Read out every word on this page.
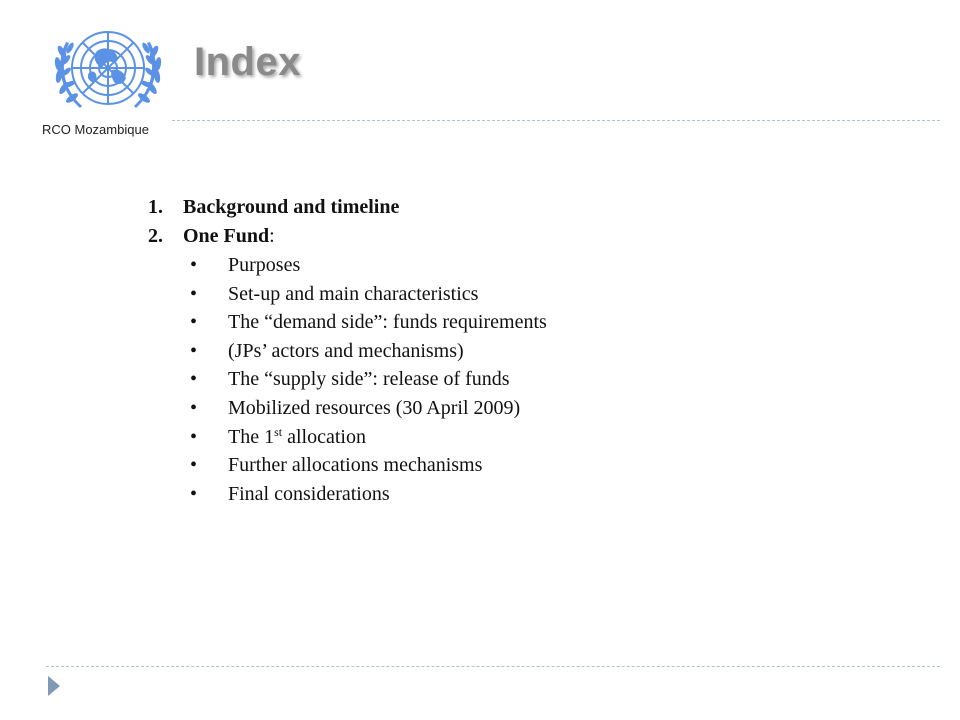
RCO Mozambique
Index
1. Background and timeline
2. One Fund:
• Purposes
• Set-up and main characteristics
• The “demand side”: funds requirements
• (JPs’ actors and mechanisms)
• The “supply side”: release of funds
• Mobilized resources (30 April 2009)
• The 1st allocation
• Further allocations mechanisms
• Final considerations
